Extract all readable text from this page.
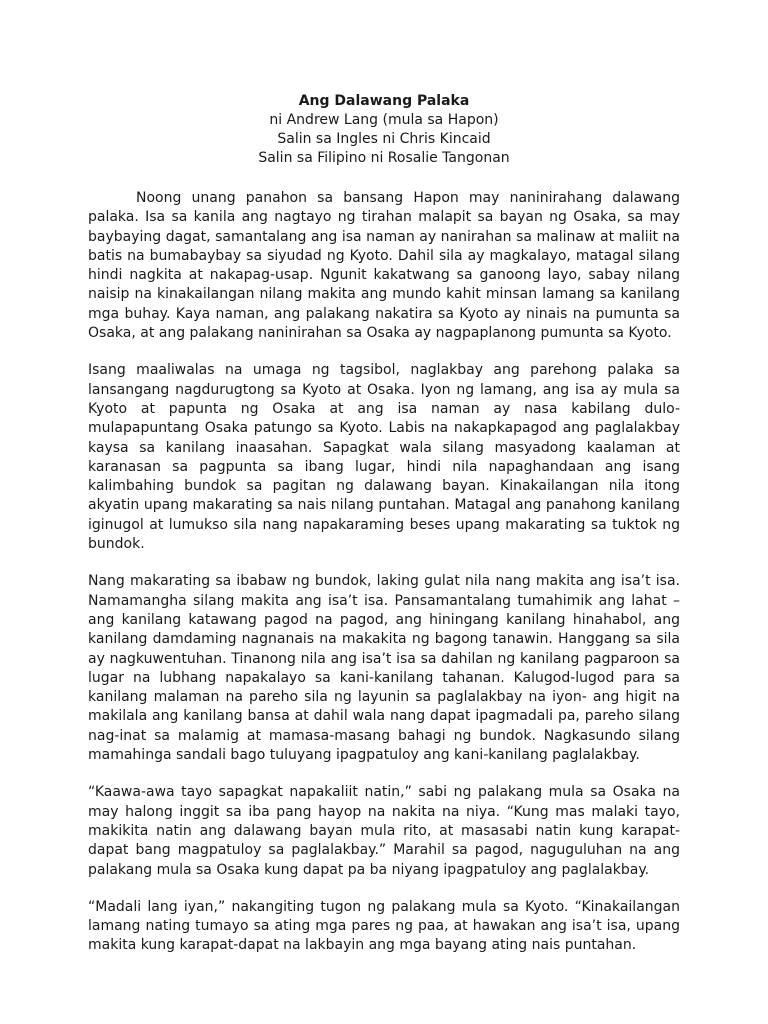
Ang Dalawang Palaka
ni Andrew Lang (mula sa Hapon)
Salin sa Ingles ni Chris Kincaid
Salin sa Filipino ni Rosalie Tangonan

Noong unang panahon sa bansang Hapon may naninirahang dalawang palaka. Isa sa kanila ang nagtayo ng tirahan malapit sa bayan ng Osaka, sa may baybaying dagat, samantalang ang isa naman ay nanirahan sa malinaw at maliit na batis na bumabaybay sa siyudad ng Kyoto. Dahil sila ay magkalayo, matagal silang hindi nagkita at nakapag-usap. Ngunit kakatwang sa ganoong layo, sabay nilang naisip na kinakailangan nilang makita ang mundo kahit minsan lamang sa kanilang mga buhay. Kaya naman, ang palakang nakatira sa Kyoto ay ninais na pumunta sa Osaka, at ang palakang naninirahan sa Osaka ay nagpaplanong pumunta sa Kyoto.

Isang maaliwalas na umaga ng tagsibol, naglakbay ang parehong palaka sa lansangang nagdurugtong sa Kyoto at Osaka. Iyon ng lamang, ang isa ay mula sa Kyoto at papunta ng Osaka at ang isa naman ay nasa kabilang dulo- mulapapuntang Osaka patungo sa Kyoto. Labis na nakapkapagod ang paglalakbay kaysa sa kanilang inaasahan. Sapagkat wala silang masyadong kaalaman at karanasan sa pagpunta sa ibang lugar, hindi nila napaghandaan ang isang kalimbahing bundok sa pagitan ng dalawang bayan. Kinakailangan nila itong akyatin upang makarating sa nais nilang puntahan. Matagal ang panahong kanilang iginugol at lumukso sila nang napakaraming beses upang makarating sa tuktok ng bundok.

Nang makarating sa ibabaw ng bundok, laking gulat nila nang makita ang isa’t isa. Namamangha silang makita ang isa’t isa. Pansamantalang tumahimik ang lahat – ang kanilang katawang pagod na pagod, ang hiningang kanilang hinahabol, ang kanilang damdaming nagnanais na makakita ng bagong tanawin. Hanggang sa sila ay nagkuwentuhan. Tinanong nila ang isa’t isa sa dahilan ng kanilang pagparoon sa lugar na lubhang napakalayo sa kani-kanilang tahanan. Kalugod-lugod para sa kanilang malaman na pareho sila ng layunin sa paglalakbay na iyon- ang higit na makilala ang kanilang bansa at dahil wala nang dapat ipagmadali pa, pareho silang nag-inat sa malamig at mamasa-masang bahagi ng bundok. Nagkasundo silang mamahinga sandali bago tuluyang ipagpatuloy ang kani-kanilang paglalakbay.

“Kaawa-awa tayo sapagkat napakaliit natin,” sabi ng palakang mula sa Osaka na may halong inggit sa iba pang hayop na nakita na niya. “Kung mas malaki tayo, makikita natin ang dalawang bayan mula rito, at masasabi natin kung karapat-dapat bang magpatuloy sa paglalakbay.” Marahil sa pagod, naguguluhan na ang palakang mula sa Osaka kung dapat pa ba niyang ipagpatuloy ang paglalakbay.

“Madali lang iyan,” nakangiting tugon ng palakang mula sa Kyoto. “Kinakailangan lamang nating tumayo sa ating mga pares ng paa, at hawakan ang isa’t isa, upang makita kung karapat-dapat na lakbayin ang mga bayang ating nais puntahan.
